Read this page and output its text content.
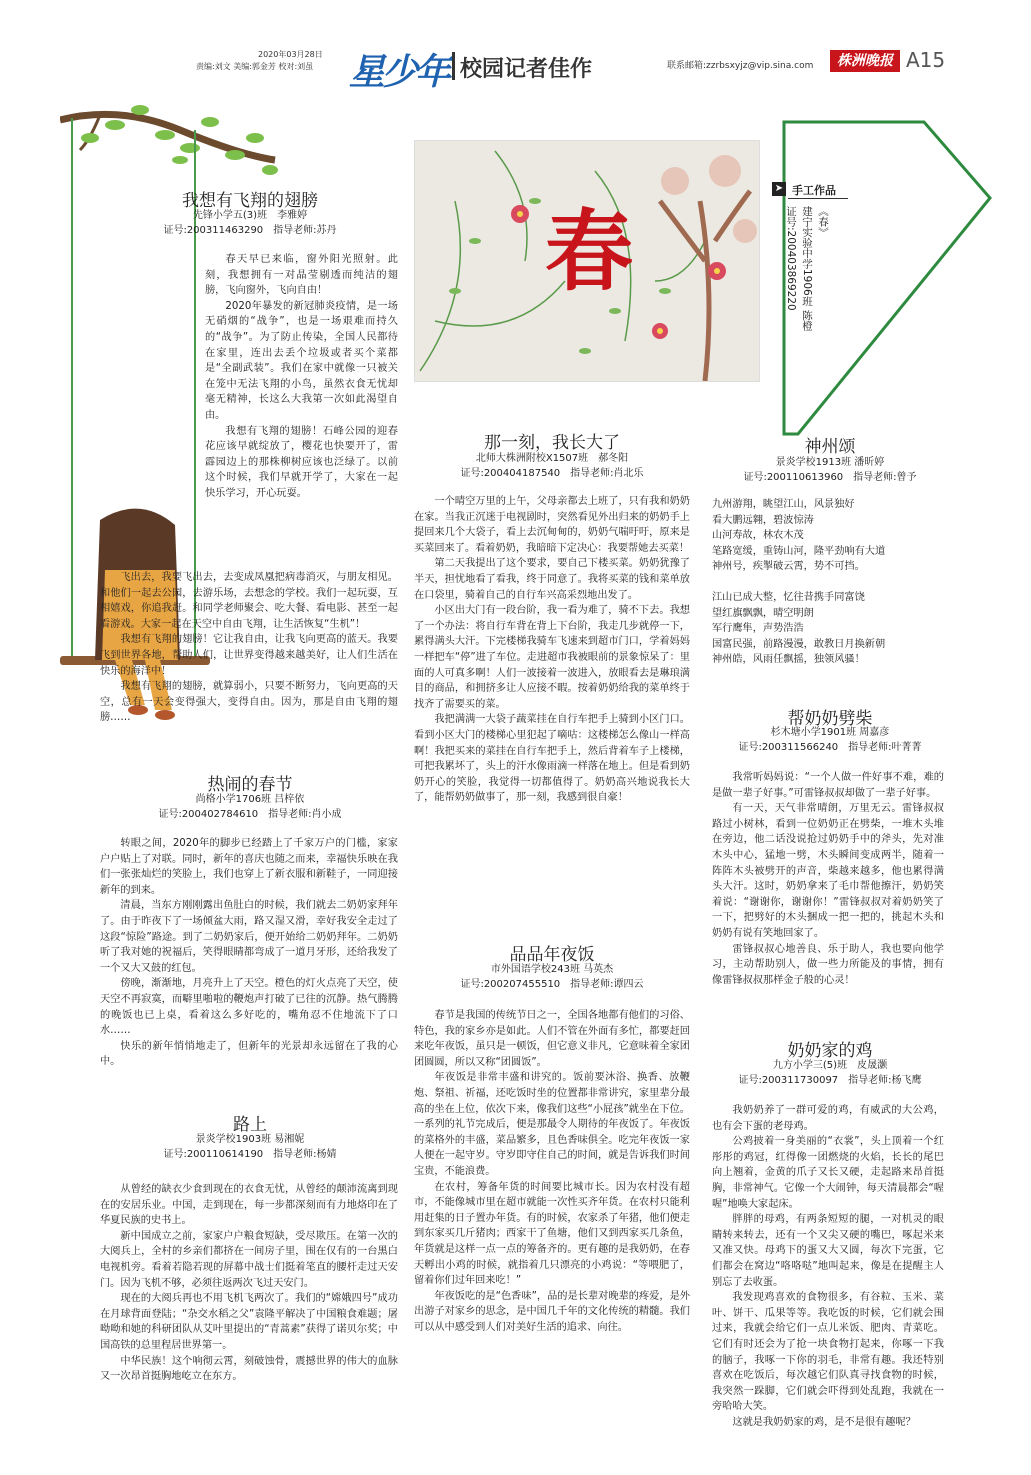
2020年03月28日
责编:刘文 美编:郭金芳 校对:刘虽 星少年 校园记者佳作	联系邮箱:zzrbsxyjz@vip.sina.com	株洲晚报 A15
春
➤ 手工作品
《春》
建宁实验中学1906班 陈橙
证号:200403869220
我想有飞翔的翅膀
先锋小学五(3)班　李雅婷
证号:200311463290　指导老师:苏丹

春天早已来临，窗外阳光照射。此刻，我想拥有一对晶莹剔透而纯洁的翅膀，飞向窗外，飞向自由！

2020年暴发的新冠肺炎疫情，是一场无硝烟的“战争”，也是一场艰难而持久的“战争”。为了防止传染，全国人民都待在家里，连出去丢个垃圾或者买个菜都是“全副武装”。我们在家中就像一只被关在笼中无法飞翔的小鸟，虽然衣食无忧却毫无精神，长这么大我第一次如此渴望自由。

我想有飞翔的翅膀！石峰公园的迎春花应该早就绽放了，樱花也快要开了，雷霹园边上的那株柳树应该也泛绿了。以前这个时候，我们早就开学了，大家在一起快乐学习，开心玩耍。

飞出去，我要飞出去，去变成凤凰把病毒消灭，与朋友相见。和他们一起去公园，去游乐场，去想念的学校。我们一起玩耍，互相嬉戏，你追我赶。和同学老师聚会、吃大餐、看电影、甚至一起看游戏。大家一起在天空中自由飞翔，让生活恢复“生机”！

我想有飞翔的翅膀！它让我自由，让我飞向更高的蓝天。我要飞到世界各地，帮助人们，让世界变得越来越美好，让人们生活在快乐的海洋中！

我想有飞翔的翅膀，就算弱小，只要不断努力，飞向更高的天空，总有一天会变得强大，变得自由。因为，那是自由飞翔的翅膀……

热闹的春节
尚格小学1706班 吕梓依
证号:200402784610　指导老师:肖小成

转眼之间，2020年的脚步已经踏上了千家万户的门槛，家家户户贴上了对联。同时，新年的喜庆也随之而来，幸福快乐映在我们一张张灿烂的笑脸上，我们也穿上了新衣服和新鞋子，一同迎接新年的到来。

清晨，当东方刚刚露出鱼肚白的时候，我们就去二奶奶家拜年了。由于昨夜下了一场倾盆大雨，路又湿又滑，幸好我安全走过了这段“惊险”路途。到了二奶奶家后，便开始给二奶奶拜年。二奶奶听了我对她的祝福后，笑得眼睛都弯成了一道月牙形，还给我发了一个又大又鼓的红包。

傍晚，渐渐地，月亮升上了天空。橙色的灯火点亮了天空，使天空不再寂寞，而噼里啪啦的鞭炮声打破了已往的沉静。热气腾腾的晚饭也已上桌，看着这么多好吃的，嘴角忍不住地流下了口水……

快乐的新年悄悄地走了，但新年的光景却永远留在了我的心中。

路上
景炎学校1903班 易湘妮
证号:200110614190　指导老师:杨婧

从曾经的缺衣少食到现在的衣食无忧，从曾经的颠沛流离到现在的安居乐业。中国，走到现在，每一步都深刻而有力地烙印在了华夏民族的史书上。

新中国成立之前，家家户户粮食短缺，受尽欺压。在第一次的大阅兵上，全村的乡亲们都挤在一间房子里，围在仅有的一台黑白电视机旁。看着若隐若现的屏幕中战士们挺着笔直的腰杆走过天安门。因为飞机不够，必须往返两次飞过天安门。

现在的大阅兵再也不用飞机飞两次了。我们的“嫦娥四号”成功在月球背面登陆；“杂交水稻之父”袁隆平解决了中国粮食难题；屠呦呦和她的科研团队从艾叶里提出的“青蒿素”获得了诺贝尔奖；中国高铁的总里程居世界第一。

中华民族！这个响彻云霄，刻破蚀骨，震撼世界的伟大的血脉又一次昂首挺胸地屹立在东方。

那一刻，我长大了
北师大株洲附校X1507班　郝冬阳
证号:200404187540　指导老师:肖北乐

一个晴空万里的上午，父母亲都去上班了，只有我和奶奶在家。当我正沉迷于电视剧时，突然看见外出归来的奶奶手上提回来几个大袋子，看上去沉甸甸的，奶奶气喘吁吁，原来是买菜回来了。看着奶奶，我暗暗下定决心：我要帮她去买菜！

第二天我提出了这个要求，要自己下楼买菜。奶奶犹豫了半天，担忧地看了看我，终于同意了。我将买菜的钱和菜单放在口袋里，骑着自己的自行车兴高采烈地出发了。

小区出大门有一段台阶，我一看为难了，骑不下去。我想了一个办法：将自行车背在背上下台阶，我走几步就停一下，累得满头大汗。下完楼梯我骑车飞速来到超市门口，学着妈妈一样把车“停”进了车位。走进超市我被眼前的景象惊呆了：里面的人可真多啊！人们一波接着一波进入，放眼看去是琳琅满目的商品，和拥挤多让人应接不暇。按着奶奶给我的菜单终于找齐了需要买的菜。

我把满满一大袋子蔬菜挂在自行车把手上骑到小区门口。看到小区大门的楼梯心里犯起了嘀咕：这楼梯怎么像山一样高啊！我把买来的菜挂在自行车把手上，然后背着车子上楼梯，可把我累坏了，头上的汗水像雨滴一样落在地上。但是看到奶奶开心的笑脸，我觉得一切都值得了。奶奶高兴地说我长大了，能帮奶奶做事了，那一刻，我感到很自豪！

品品年夜饭
市外国语学校243班 马英杰
证号:200207455510　指导老师:谭四云

春节是我国的传统节日之一，全国各地都有他们的习俗、特色，我的家乡亦是如此。人们不管在外面有多忙，都要赶回来吃年夜饭，虽只是一顿饭，但它意义非凡，它意味着全家团团圆圆，所以又称“团圆饭”。

年夜饭是非常丰盛和讲究的。饭前要沐浴、换香、放鞭炮、祭祖、祈福，还吃饭时坐的位置都非常讲究，家里辈分最高的坐在上位，依次下来，像我们这些“小屁孩”就坐在下位。一系列的礼节完成后，便是那最令人期待的年夜饭了。年夜饭的菜格外的丰盛，菜品繁多，且色香味俱全。吃完年夜饭一家人便在一起守岁。守岁即守住自己的时间，就是告诉我们时间宝贵，不能浪费。

在农村，筹备年货的时间要比城市长。因为农村没有超市，不能像城市里在超市就能一次性买齐年货。在农村只能利用赶集的日子置办年货。有的时候，农家杀了年猪，他们便走到东家买几斤猪肉；西家干了鱼塘，他们又到西家买几条鱼，年货就是这样一点一点的筹备齐的。更有趣的是我奶奶，在春天孵出小鸡的时候，就指着几只漂亮的小鸡说：“等喂肥了，留着你们过年回来吃！”

年夜饭吃的是“色香味”，品的是长辈对晚辈的疼爱，是外出游子对家乡的思念，是中国几千年的文化传统的精髓。我们可以从中感受到人们对美好生活的追求、向往。

神州颂
景炎学校1913班 潘昕婷
证号:200110613960　指导老师:曾予
九州游翔，眺望江山，风景独好
看大鹏远翱，碧波惊涛
山河寿故，林农木茂
笔路宽缓，重铸山河，隆平劲响有大道
神州号，疾掣破云霄，势不可挡。
江山已成大整，忆往昔携手同富饶
望红旗飘飘，晴空明朗
军行鹰隼，声势浩浩
国富民强，前路漫漫，敢教日月换新朝
神州皓，风雨任飘摇，独领风骚！
帮奶奶劈柴
杉木塘小学1901班 周嘉彦
证号:200311566240　指导老师:叶菁菁

我常听妈妈说：“一个人做一件好事不难，难的是做一辈子好事。”可雷锋叔叔却做了一辈子好事。

有一天，天气非常晴朗，万里无云。雷锋叔叔路过小树林，看到一位奶奶正在劈柴，一堆木头堆在旁边，他二话没说抢过奶奶手中的斧头，先对准木头中心，猛地一劈，木头瞬间变成两半，随着一阵阵木头被劈开的声音，柴越来越多，他也累得满头大汗。这时，奶奶拿来了毛巾帮他擦汗，奶奶笑着说：“谢谢你，谢谢你！”雷锋叔叔对着奶奶笑了一下，把劈好的木头捆成一把一把的，挑起木头和奶奶有说有笑地回家了。

雷锋叔叔心地善良、乐于助人，我也要向他学习，主动帮助别人，做一些力所能及的事情，拥有像雷锋叔叔那样金子般的心灵！

奶奶家的鸡
九方小学三(5)班　皮晟灏
证号:200311730097　指导老师:杨飞鹰

我奶奶养了一群可爱的鸡，有威武的大公鸡，也有会下蛋的老母鸡。

公鸡披着一身美丽的“衣裳”，头上顶着一个红彤彤的鸡冠，红得像一团燃烧的火焰，长长的尾巴向上翘着，金黄的爪子又长又硬，走起路来昂首挺胸，非常神气。它像一个大闹钟，每天清晨都会“喔喔”地唤大家起床。

胖胖的母鸡，有两条短短的腿，一对机灵的眼睛转来转去，还有一个又尖又硬的嘴巴，啄起米来又准又快。母鸡下的蛋又大又圆，每次下完蛋，它们都会在窝边“咯咯哒”地叫起来，像是在提醒主人别忘了去收蛋。

我发现鸡喜欢的食物很多，有谷粒、玉米、菜叶、饼干、瓜果等等。我吃饭的时候，它们就会围过来，我就会给它们一点儿米饭、肥肉、青菜吃。它们有时还会为了抢一块食物打起来，你啄一下我的脑子，我啄一下你的羽毛，非常有趣。我还特别喜欢在吃饭后，每次越它们队真寻找食物的时候，我突然一跺脚，它们就会吓得到处乱跑，我就在一旁哈哈大笑。

这就是我奶奶家的鸡，是不是很有趣呢？
